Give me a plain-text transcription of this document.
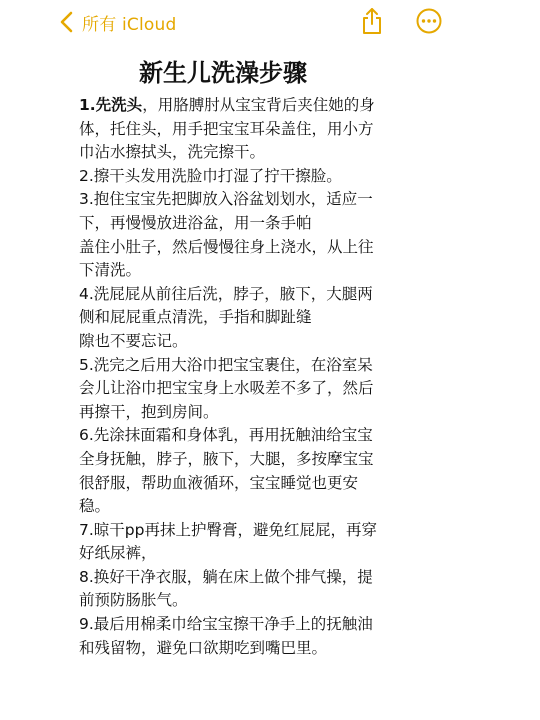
所有 iCloud
新生儿洗澡步骤
1.先洗头，用胳膊肘从宝宝背后夹住她的身
体，托住头，用手把宝宝耳朵盖住，用小方
巾沾水擦拭头，洗完擦干。
2.擦干头发用洗脸巾打湿了拧干擦脸。
3.抱住宝宝先把脚放入浴盆划划水，适应一
下，再慢慢放进浴盆，用一条手帕
盖住小肚子，然后慢慢往身上浇水，从上往
下清洗。
4.洗屁屁从前往后洗，脖子，腋下，大腿两
侧和屁屁重点清洗，手指和脚趾缝
隙也不要忘记。
5.洗完之后用大浴巾把宝宝裹住，在浴室呆
会儿让浴巾把宝宝身上水吸差不多了，然后
再擦干，抱到房间。
6.先涂抹面霜和身体乳，再用抚触油给宝宝
全身抚触，脖子，腋下，大腿，多按摩宝宝
很舒服，帮助血液循环，宝宝睡觉也更安
稳。
7.晾干pp再抹上护臀膏，避免红屁屁，再穿
好纸尿裤，
8.换好干净衣服，躺在床上做个排气操，提
前预防肠胀气。
9.最后用棉柔巾给宝宝擦干净手上的抚触油
和残留物，避免口欲期吃到嘴巴里。
